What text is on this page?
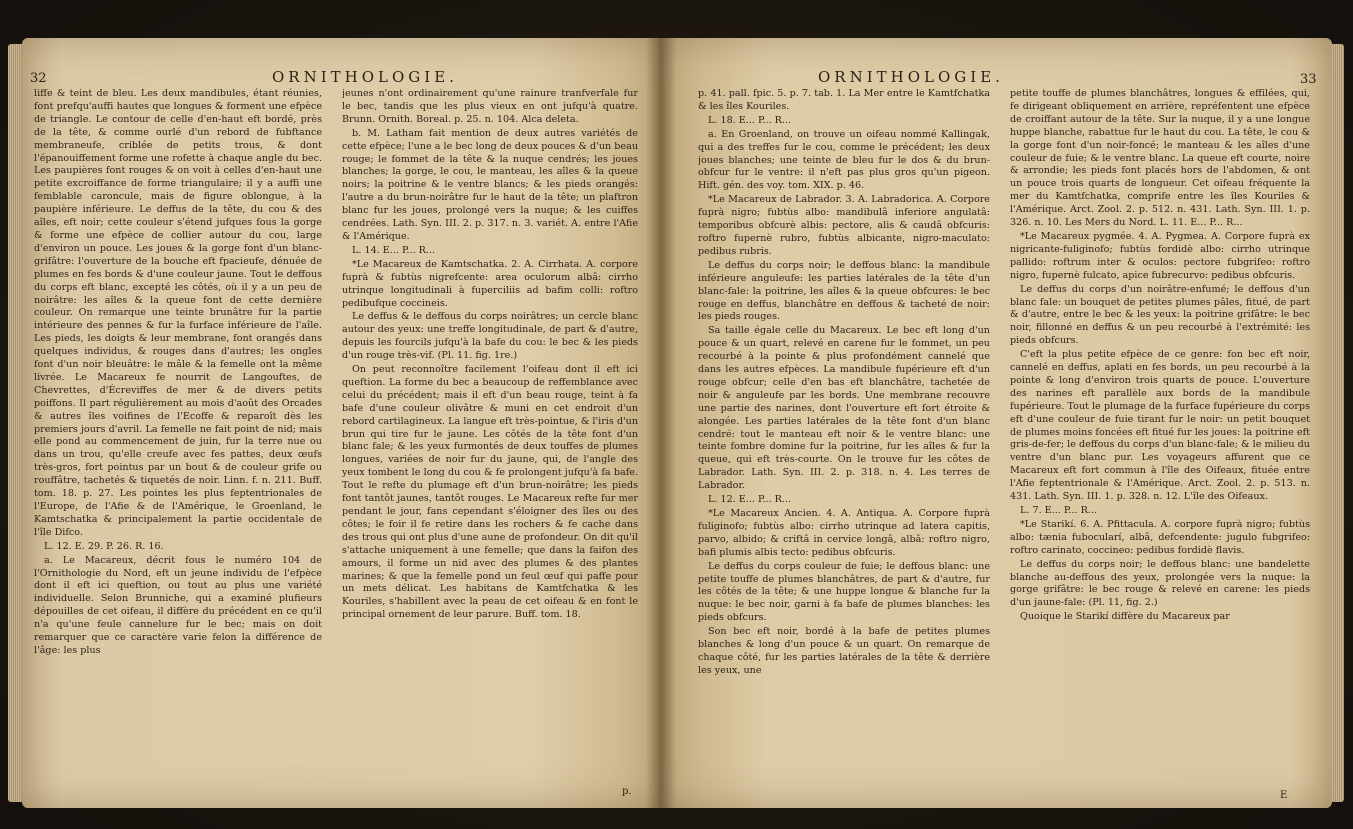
32	ORNITHOLOGIE.

liffe & teint de bleu. Les deux mandibules, étant réunies, font prefqu'auffi hautes que longues & forment une efpèce de triangle. Le contour de celle d'en-haut eft bordé, près de la tête, & comme ourlé d'un rebord de fubftance membraneufe, criblée de petits trous, & dont l'épanouiffement forme une rofette à chaque angle du bec. Les paupières font rouges & on voit à celles d'en-haut une petite excroiffance de forme triangulaire; il y a auffi une femblable caroncule, mais de figure oblongue, à la paupière inférieure. Le deffus de la tête, du cou & des aîles, eft noir; cette couleur s'étend jufques fous la gorge & forme une efpèce de collier autour du cou, large d'environ un pouce. Les joues & la gorge font d'un blanc-grifâtre: l'ouverture de la bouche eft fpacieufe, dénuée de plumes en fes bords & d'une couleur jaune. Tout le deffous du corps eft blanc, excepté les côtés, où il y a un peu de noirâtre: les aîles & la queue font de cette dernière couleur. On remarque une teinte brunâtre fur la partie intérieure des pennes & fur la furface inférieure de l'aîle. Les pieds, les doigts & leur membrane, font orangés dans quelques individus, & rouges dans d'autres; les ongles font d'un noir bleuâtre: le mâle & la femelle ont la même livrée. Le Macareux fe nourrit de Langouftes, de Chevrettes, d'Écreviffes de mer & de divers petits poiffons. Il part régulièrement au mois d'août des Orcades & autres îles voifines de l'Ecoffe & reparoît dès les premiers jours d'avril. La femelle ne fait point de nid; mais elle pond au commencement de juin, fur la terre nue ou dans un trou, qu'elle creufe avec fes pattes, deux œufs très-gros, fort pointus par un bout & de couleur grife ou rouffâtre, tachetés & tiquetés de noir. Linn. f. n. 211. Buff. tom. 18. p. 27. Les pointes les plus feptentrionales de l'Europe, de l'Afie & de l'Amérique, le Groenland, le Kamtschatka & principalement la partie occidentale de l'île Difco.

L. 12. E. 29. P. 26. R. 16.

a. Le Macareux, décrit fous le numéro 104 de l'Ornithologie du Nord, eft un jeune individu de l'efpèce dont il eft ici queftion, ou tout au plus une variété individuelle. Selon Brunniche, qui a examiné plufieurs dépouilles de cet oifeau, il diffère du précédent en ce qu'il n'a qu'une feule cannelure fur le bec; mais on doit remarquer que ce caractère varie felon la différence de l'âge: les plus

jeunes n'ont ordinairement qu'une rainure tranfverfale fur le bec, tandis que les plus vieux en ont jufqu'à quatre. Brunn. Ornith. Boreal. p. 25. n. 104. Alca deleta.

b. M. Latham fait mention de deux autres variétés de cette efpèce; l'une a le bec long de deux pouces & d'un beau rouge; le fommet de la tête & la nuque cendrés; les joues blanches; la gorge, le cou, le manteau, les aîles & la queue noirs; la poitrine & le ventre blancs; & les pieds orangés: l'autre a du brun-noirâtre fur le haut de la tête; un plaftron blanc fur les joues, prolongé vers la nuque; & les cuiffes cendrées. Lath. Syn. III. 2. p. 317. n. 3. variét. A. entre l'Afie & l'Amérique.

L. 14. E... P... R...

*Le Macareux de Kamtschatka. 2. A. Cirrhata. A. corpore fuprà & fubtùs nigrefcente: area oculorum albâ: cirrho utrinque longitudinali à fuperciliis ad bafim colli: roftro pedibufque coccineis.

Le deffus & le deffous du corps noirâtres; un cercle blanc autour des yeux: une treffe longitudinale, de part & d'autre, depuis les fourcils jufqu'à la bafe du cou: le bec & les pieds d'un rouge très-vif. (Pl. 11. fig. 1re.)

On peut reconnoître facilement l'oifeau dont il eft ici queftion. La forme du bec a beaucoup de reffemblance avec celui du précédent; mais il eft d'un beau rouge, teint à fa bafe d'une couleur olivâtre & muni en cet endroit d'un rebord cartilagineux. La langue eft très-pointue, & l'iris d'un brun qui tire fur le jaune. Les côtés de la tête font d'un blanc fale; & les yeux furmontés de deux touffes de plumes longues, variées de noir fur du jaune, qui, de l'angle des yeux tombent le long du cou & fe prolongent jufqu'à fa bafe. Tout le refte du plumage eft d'un brun-noirâtre; les pieds font tantôt jaunes, tantôt rouges. Le Macareux refte fur mer pendant le jour, fans cependant s'éloigner des îles ou des côtes; le foir il fe retire dans les rochers & fe cache dans des trous qui ont plus d'une aune de profondeur. On dit qu'il s'attache uniquement à une femelle; que dans la faifon des amours, il forme un nid avec des plumes & des plantes marines; & que la femelle pond un feul œuf qui paffe pour un mets délicat. Les habitans de Kamtfchatka & les Kouriles, s'habillent avec la peau de cet oifeau & en font le principal ornement de leur parure. Buff. tom. 18.

p.
ORNITHOLOGIE.	33

p. 41. pall. fpic. 5. p. 7. tab. 1. La Mer entre le Kamtfchatka & les îles Kouriles.

L. 18. E... P... R...

a. En Groenland, on trouve un oifeau nommé Kallingak, qui a des treffes fur le cou, comme le précédent; les deux joues blanches; une teinte de bleu fur le dos & du brun-obfcur fur le ventre: il n'eft pas plus gros qu'un pigeon. Hift. gén. des voy. tom. XIX. p. 46.

*Le Macareux de Labrador. 3. A. Labradorica. A. Corpore fuprà nigro; fubtùs albo: mandibulâ inferiore angulatâ: temporibus obfcurè albis: pectore, alis & caudâ obfcuris: roftro fupernè rubro, fubtùs albicante, nigro-maculato: pedibus rubris.

Le deffus du corps noir; le deffous blanc: la mandibule inférieure anguleufe: les parties latérales de la tête d'un blanc-fale: la poitrine, les aîles & la queue obfcures: le bec rouge en deffus, blanchâtre en deffous & tacheté de noir: les pieds rouges.

Sa taille égale celle du Macareux. Le bec eft long d'un pouce & un quart, relevé en carene fur le fommet, un peu recourbé à la pointe & plus profondément cannelé que dans les autres efpèces. La mandibule fupérieure eft d'un rouge obfcur; celle d'en bas eft blanchâtre, tachetée de noir & anguleufe par les bords. Une membrane recouvre une partie des narines, dont l'ouverture eft fort étroite & alongée. Les parties latérales de la tête font d'un blanc cendré: tout le manteau eft noir & le ventre blanc: une teinte fombre domine fur la poitrine, fur les aîles & fur la queue, qui eft très-courte. On le trouve fur les côtes de Labrador. Lath. Syn. III. 2. p. 318. n. 4. Les terres de Labrador.

L. 12. E... P... R...

*Le Macareux Ancien. 4. A. Antiqua. A. Corpore fuprà fuliginofo; fubtùs albo: cirrho utrinque ad latera capitis, parvo, albido; & criftâ in cervice longâ, albâ: roftro nigro, bafi plumis albis tecto: pedibus obfcuris.

Le deffus du corps couleur de fuie; le deffous blanc: une petite touffe de plumes blanchâtres, de part & d'autre, fur les côtés de la tête; & une huppe longue & blanche fur la nuque: le bec noir, garni à fa bafe de plumes blanches: les pieds obfcurs.

Son bec eft noir, bordé à la bafe de petites plumes blanches & long d'un pouce & un quart. On remarque de chaque côté, fur les parties latérales de la tête & derrière les yeux, une

petite touffe de plumes blanchâtres, longues & effilées, qui, fe dirigeant obliquement en arrière, repréfentent une efpèce de croiffant autour de la tête. Sur la nuque, il y a une longue huppe blanche, rabattue fur le haut du cou. La tête, le cou & la gorge font d'un noir-foncé; le manteau & les aîles d'une couleur de fuie; & le ventre blanc. La queue eft courte, noire & arrondie; les pieds font placés hors de l'abdomen, & ont un pouce trois quarts de longueur. Cet oifeau fréquente la mer du Kamtfchatka, comprife entre les îles Kouriles & l'Amérique. Arct. Zool. 2. p. 512. n. 431. Lath. Syn. III. 1. p. 326. n. 10. Les Mers du Nord. L. 11. E... P... R...

*Le Macareux pygmée. 4. A. Pygmea. A. Corpore fuprà ex nigricante-fuliginofo; fubtùs fordidè albo: cirrho utrinque pallido: roftrum inter & oculos: pectore fubgrifeo: roftro nigro, fupernè fulcato, apice fubrecurvo: pedibus obfcuris.

Le deffus du corps d'un noirâtre-enfumé; le deffous d'un blanc fale: un bouquet de petites plumes pâles, fitué, de part & d'autre, entre le bec & les yeux: la poitrine grifâtre: le bec noir, fillonné en deffus & un peu recourbé à l'extrémité: les pieds obfcurs.

C'eft la plus petite efpèce de ce genre: fon bec eft noir, cannelé en deffus, aplati en fes bords, un peu recourbé à la pointe & long d'environ trois quarts de pouce. L'ouverture des narines eft parallèle aux bords de la mandibule fupérieure. Tout le plumage de la furface fupérieure du corps eft d'une couleur de fuie tirant fur le noir: un petit bouquet de plumes moins foncées eft fitué fur les joues: la poitrine eft gris-de-fer; le deffous du corps d'un blanc-fale; & le milieu du ventre d'un blanc pur. Les voyageurs affurent que ce Macareux eft fort commun à l'île des Oifeaux, fituée entre l'Afie feptentrionale & l'Amérique. Arct. Zool. 2. p. 513. n. 431. Lath. Syn. III. 1. p. 328. n. 12. L'île des Oifeaux.

L. 7. E... P... R...

*Le Starikí. 6. A. Pfittacula. A. corpore fuprà nigro; fubtùs albo: tænia fubocularí, albâ, defcendente: jugulo fubgrifeo: roftro carinato, coccineo: pedibus fordidè flavis.

Le deffus du corps noir; le deffous blanc: une bandelette blanche au-deffous des yeux, prolongée vers la nuque: la gorge grifâtre: le bec rouge & relevé en carene: les pieds d'un jaune-fale: (Pl. 11, fig. 2.)

Quoique le Starikí diffère du Macareux par

E
